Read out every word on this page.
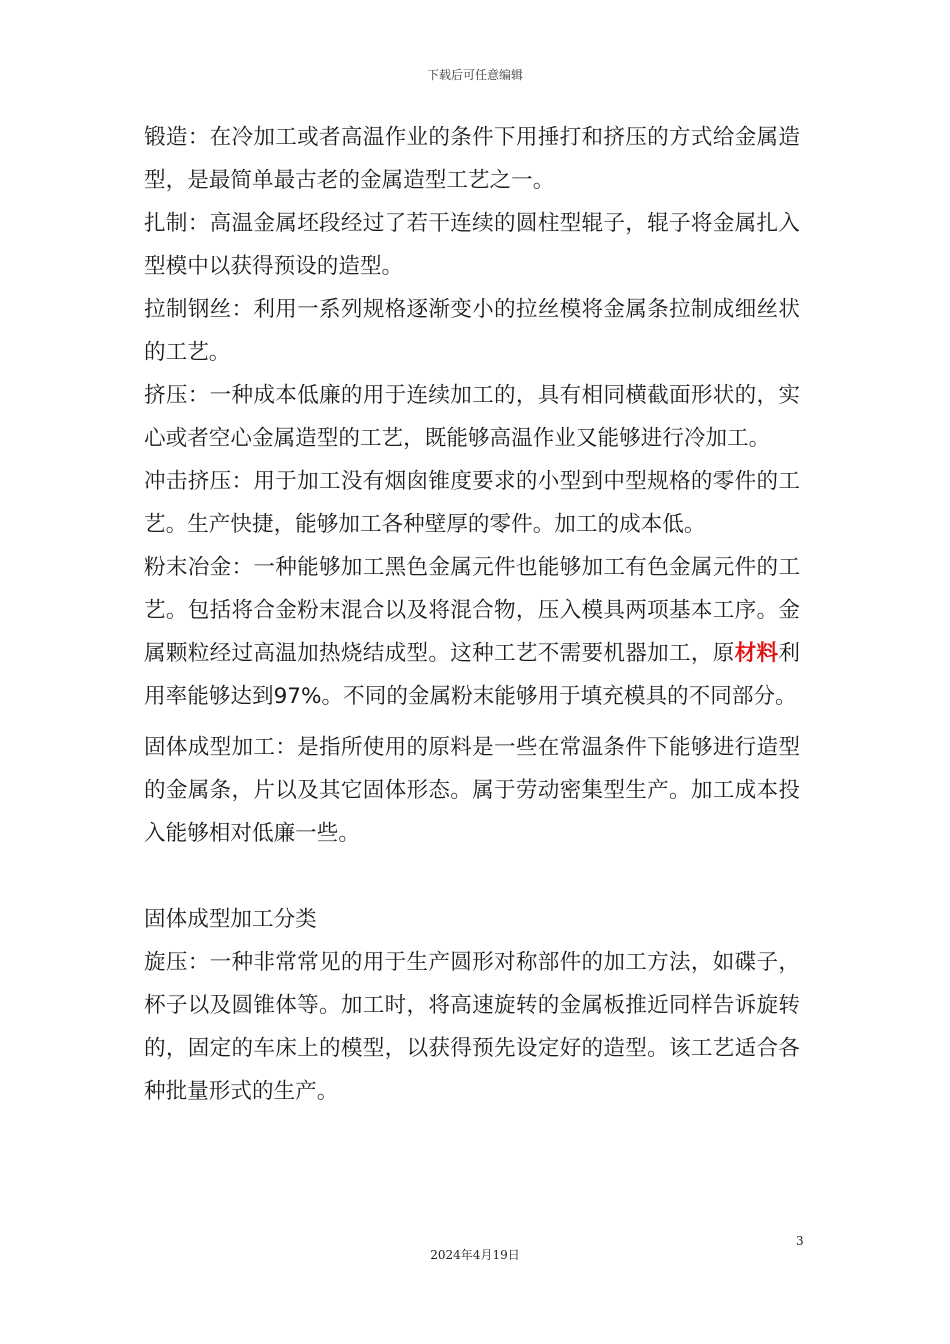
下载后可任意编辑

锻造：在冷加工或者高温作业的条件下用捶打和挤压的方式给金属造型，是最简单最古老的金属造型工艺之一。

扎制：高温金属坯段经过了若干连续的圆柱型辊子，辊子将金属扎入型模中以获得预设的造型。

拉制钢丝：利用一系列规格逐渐变小的拉丝模将金属条拉制成细丝状的工艺。

挤压：一种成本低廉的用于连续加工的，具有相同横截面形状的，实心或者空心金属造型的工艺，既能够高温作业又能够进行冷加工。

冲击挤压：用于加工没有烟囱锥度要求的小型到中型规格的零件的工艺。生产快捷，能够加工各种壁厚的零件。加工的成本低。

粉末冶金：一种能够加工黑色金属元件也能够加工有色金属元件的工艺。包括将合金粉末混合以及将混合物，压入模具两项基本工序。金属颗粒经过高温加热烧结成型。这种工艺不需要机器加工，原材料利用率能够达到97%。不同的金属粉末能够用于填充模具的不同部分。

固体成型加工：是指所使用的原料是一些在常温条件下能够进行造型的金属条，片以及其它固体形态。属于劳动密集型生产。加工成本投入能够相对低廉一些。

固体成型加工分类

旋压：一种非常常见的用于生产圆形对称部件的加工方法，如碟子，杯子以及圆锥体等。加工时，将高速旋转的金属板推近同样告诉旋转的，固定的车床上的模型，以获得预先设定好的造型。该工艺适合各种批量形式的生产。

3
2024年4月19日
